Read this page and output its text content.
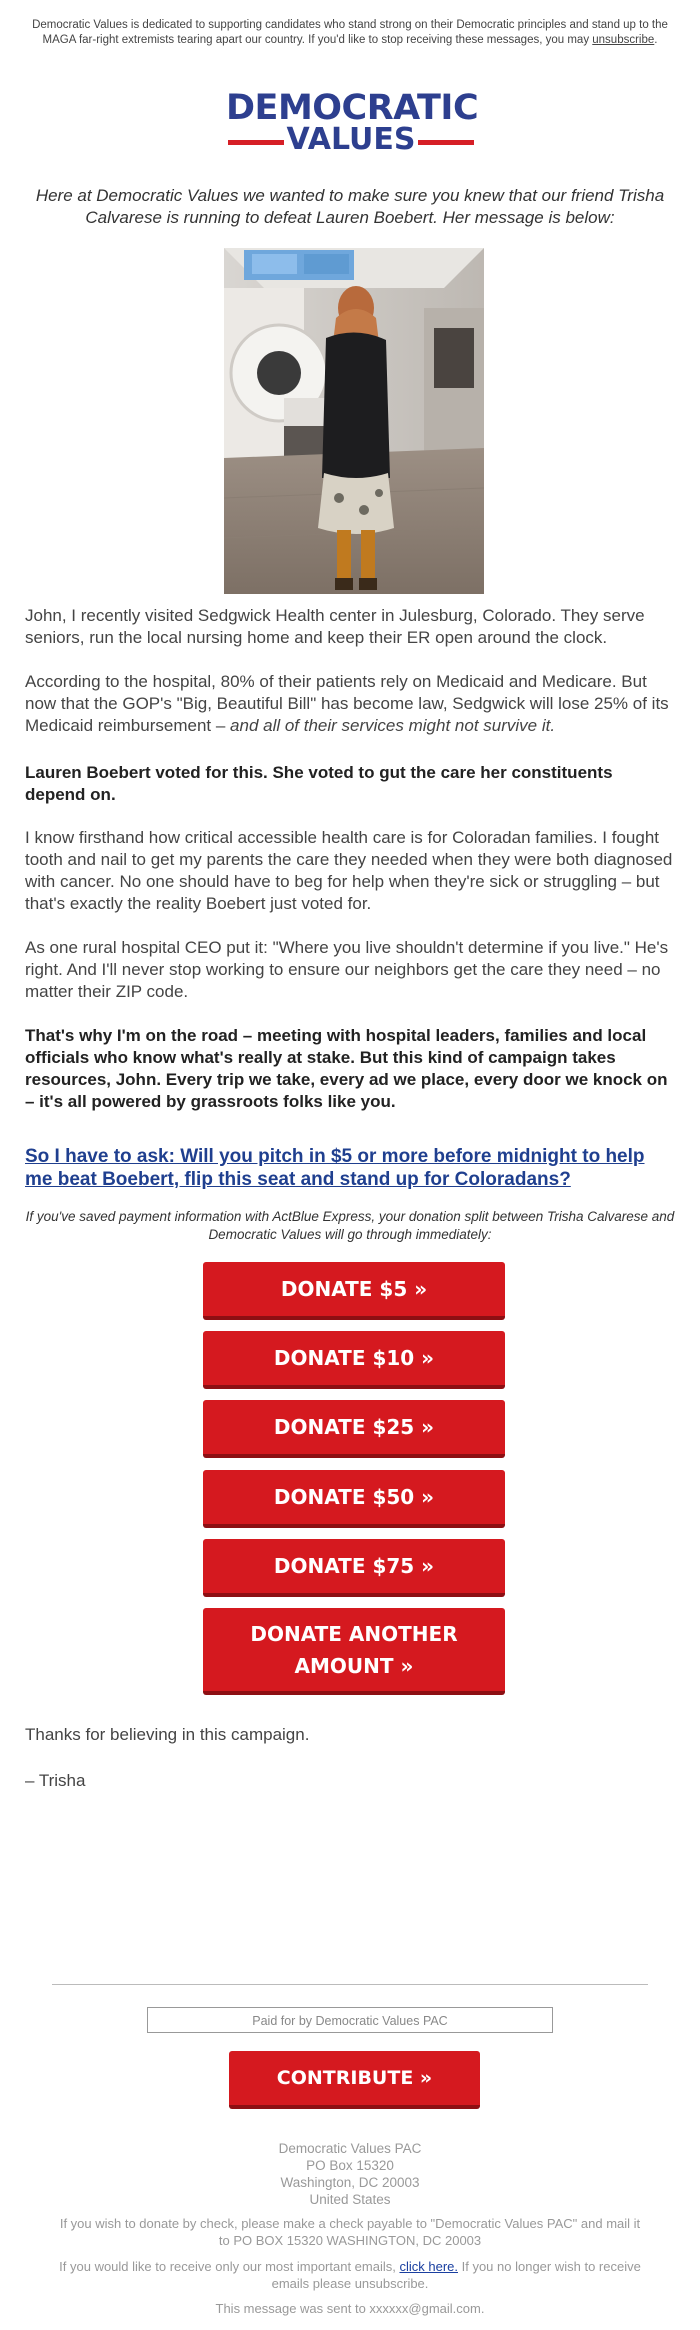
Democratic Values is dedicated to supporting candidates who stand strong on their Democratic principles and stand up to the MAGA far-right extremists tearing apart our country. If you'd like to stop receiving these messages, you may unsubscribe.
DEMOCRATIC
VALUES
Here at Democratic Values we wanted to make sure you knew that our friend Trisha Calvarese is running to defeat Lauren Boebert. Her message is below:
John, I recently visited Sedgwick Health center in Julesburg, Colorado. They serve seniors, run the local nursing home and keep their ER open around the clock.
According to the hospital, 80% of their patients rely on Medicaid and Medicare. But now that the GOP's "Big, Beautiful Bill" has become law, Sedgwick will lose 25% of its Medicaid reimbursement – and all of their services might not survive it.
Lauren Boebert voted for this. She voted to gut the care her constituents depend on.
I know firsthand how critical accessible health care is for Coloradan families. I fought tooth and nail to get my parents the care they needed when they were both diagnosed with cancer. No one should have to beg for help when they're sick or struggling – but that's exactly the reality Boebert just voted for.
As one rural hospital CEO put it: "Where you live shouldn't determine if you live." He's right. And I'll never stop working to ensure our neighbors get the care they need – no matter their ZIP code.
That's why I'm on the road – meeting with hospital leaders, families and local officials who know what's really at stake. But this kind of campaign takes resources, John. Every trip we take, every ad we place, every door we knock on – it's all powered by grassroots folks like you.
So I have to ask: Will you pitch in $5 or more before midnight to help me beat Boebert, flip this seat and stand up for Coloradans?
If you've saved payment information with ActBlue Express, your donation split between Trisha Calvarese and Democratic Values will go through immediately:
DONATE $5 »
DONATE $10 »
DONATE $25 »
DONATE $50 »
DONATE $75 »
DONATE ANOTHER AMOUNT »
Thanks for believing in this campaign.
– Trisha
Paid for by Democratic Values PAC
CONTRIBUTE »
Democratic Values PAC
PO Box 15320
Washington, DC 20003
United States
If you wish to donate by check, please make a check payable to "Democratic Values PAC" and mail it to PO BOX 15320 WASHINGTON, DC 20003
If you would like to receive only our most important emails, click here. If you no longer wish to receive emails please unsubscribe.
This message was sent to xxxxxx@gmail.com.
